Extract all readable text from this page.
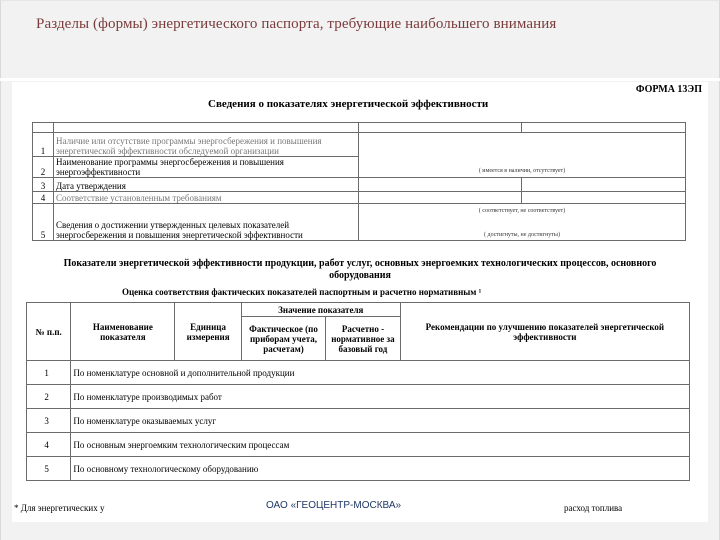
Разделы (формы) энергетического паспорта, требующие наибольшего внимания
ФОРМА 13ЭП
Сведения о показателях энергетической эффективности

1	Наличие или отсутствие программы энергосбережения и повышения энергетической эффективности обследуемой организации	( имеется в наличии, отсутствует)	
2	Наименование программы энергосбережения и повышения энергоэффективности		
3	Дата утверждения		
4	Соответствие установленным требованиям		
5	Сведения о достижении утвержденных целевых показателей энергосбережения и повышения энергетической эффективности	( соответствует, не соответствует)
( достигнуты, не достигнуты)	
Показатели энергетической эффективности продукции, работ услуг, основных энергоемких технологических процессов, основного оборудования
Оценка соответствия фактических показателей паспортным и расчетно нормативным ¹
№ п.п.	Наименование показателя	Единица измерения	Значение показателя		Рекомендации по улучшению показателей энергетической эффективности
			Фактическое (по приборам учета, расчетам)	Расчетно - нормативное за базовый год	
1	По номенклатуре основной и дополнительной продукции				
2	По номенклатуре производимых работ				
3	По номенклатуре оказываемых услуг				
4	По основным энергоемким технологическим процессам				
5	По основному технологическому оборудованию				
* Для энергетических у	расход топлива
ОАО «ГЕОЦЕНТР-МОСКВА»
